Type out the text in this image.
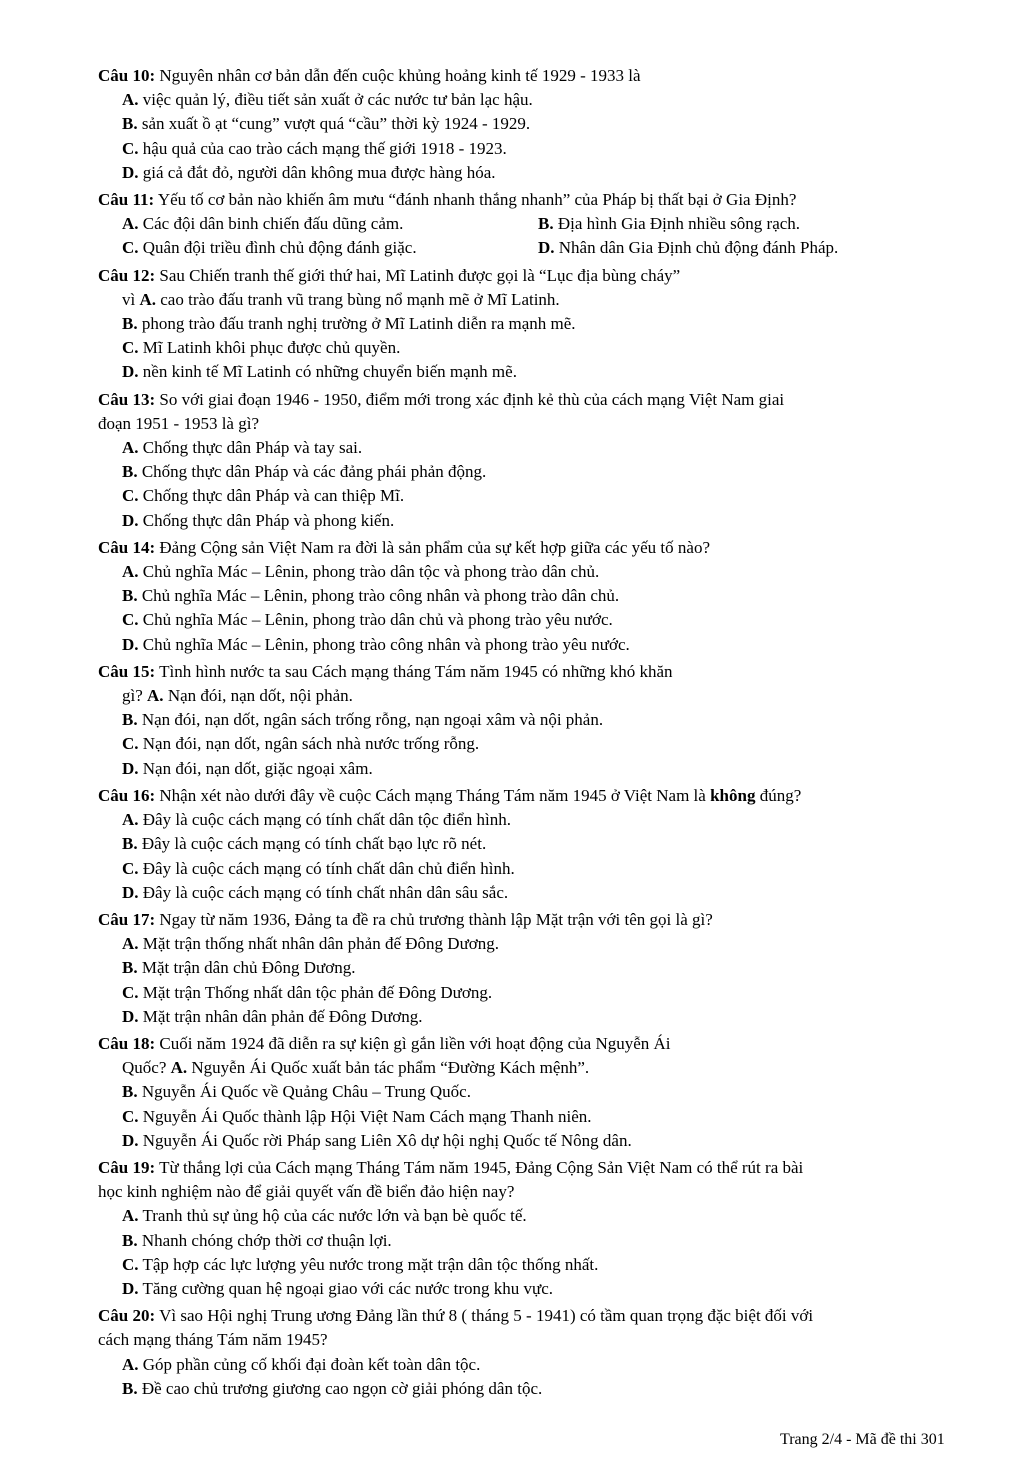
Câu 10: Nguyên nhân cơ bản dẫn đến cuộc khủng hoảng kinh tế 1929 - 1933 là
A. việc quản lý, điều tiết sản xuất ở các nước tư bản lạc hậu.
B. sản xuất ồ ạt “cung” vượt quá “cầu” thời kỳ 1924 - 1929.
C. hậu quả của cao trào cách mạng thế giới 1918 - 1923.
D. giá cả đắt đỏ, người dân không mua được hàng hóa.
Câu 11: Yếu tố cơ bản nào khiến âm mưu “đánh nhanh thắng nhanh” của Pháp bị thất bại ở Gia Định?
A. Các đội dân binh chiến đấu dũng cảm.	B. Địa hình Gia Định nhiều sông rạch.
C. Quân đội triều đình chủ động đánh giặc.	D. Nhân dân Gia Định chủ động đánh Pháp.
Câu 12: Sau Chiến tranh thế giới thứ hai, Mĩ Latinh được gọi là “Lục địa bùng cháy”
vì A. cao trào đấu tranh vũ trang bùng nổ mạnh mẽ ở Mĩ Latinh.
B. phong trào đấu tranh nghị trường ở Mĩ Latinh diễn ra mạnh mẽ.
C. Mĩ Latinh khôi phục được chủ quyền.
D. nền kinh tế Mĩ Latinh có những chuyển biến mạnh mẽ.
Câu 13: So với giai đoạn 1946 - 1950, điểm mới trong xác định kẻ thù của cách mạng Việt Nam giai
đoạn 1951 - 1953 là gì?
A. Chống thực dân Pháp và tay sai.
B. Chống thực dân Pháp và các đảng phái phản động.
C. Chống thực dân Pháp và can thiệp Mĩ.
D. Chống thực dân Pháp và phong kiến.
Câu 14: Đảng Cộng sản Việt Nam ra đời là sản phẩm của sự kết hợp giữa các yếu tố nào?
A. Chủ nghĩa Mác – Lênin, phong trào dân tộc và phong trào dân chủ.
B. Chủ nghĩa Mác – Lênin, phong trào công nhân và phong trào dân chủ.
C. Chủ nghĩa Mác – Lênin, phong trào dân chủ và phong trào yêu nước.
D. Chủ nghĩa Mác – Lênin, phong trào công nhân và phong trào yêu nước.
Câu 15: Tình hình nước ta sau Cách mạng tháng Tám năm 1945 có những khó khăn
gì? A. Nạn đói, nạn dốt, nội phản.
B. Nạn đói, nạn dốt, ngân sách trống rỗng, nạn ngoại xâm và nội phản.
C. Nạn đói, nạn dốt, ngân sách nhà nước trống rỗng.
D. Nạn đói, nạn dốt, giặc ngoại xâm.
Câu 16: Nhận xét nào dưới đây về cuộc Cách mạng Tháng Tám năm 1945 ở Việt Nam là không đúng?
A. Đây là cuộc cách mạng có tính chất dân tộc điển hình.
B. Đây là cuộc cách mạng có tính chất bạo lực rõ nét.
C. Đây là cuộc cách mạng có tính chất dân chủ điển hình.
D. Đây là cuộc cách mạng có tính chất nhân dân sâu sắc.
Câu 17: Ngay từ năm 1936, Đảng ta đề ra chủ trương thành lập Mặt trận với tên gọi là gì?
A. Mặt trận thống nhất nhân dân phản đế Đông Dương.
B. Mặt trận dân chủ Đông Dương.
C. Mặt trận Thống nhất dân tộc phản đế Đông Dương.
D. Mặt trận nhân dân phản đế Đông Dương.
Câu 18: Cuối năm 1924 đã diễn ra sự kiện gì gắn liền với hoạt động của Nguyễn Ái
Quốc? A. Nguyễn Ái Quốc xuất bản tác phẩm “Đường Kách mệnh”.
B. Nguyễn Ái Quốc về Quảng Châu – Trung Quốc.
C. Nguyễn Ái Quốc thành lập Hội Việt Nam Cách mạng Thanh niên.
D. Nguyễn Ái Quốc rời Pháp sang Liên Xô dự hội nghị Quốc tế Nông dân.
Câu 19: Từ thắng lợi của Cách mạng Tháng Tám năm 1945, Đảng Cộng Sản Việt Nam có thể rút ra bài
học kinh nghiệm nào để giải quyết vấn đề biển đảo hiện nay?
A. Tranh thủ sự ủng hộ của các nước lớn và bạn bè quốc tế.
B. Nhanh chóng chớp thời cơ thuận lợi.
C. Tập hợp các lực lượng yêu nước trong mặt trận dân tộc thống nhất.
D. Tăng cường quan hệ ngoại giao với các nước trong khu vực.
Câu 20: Vì sao Hội nghị Trung ương Đảng lần thứ 8 ( tháng 5 - 1941) có tầm quan trọng đặc biệt đối với
cách mạng tháng Tám năm 1945?
A. Góp phần củng cố khối đại đoàn kết toàn dân tộc.
B. Đề cao chủ trương giương cao ngọn cờ giải phóng dân tộc.
Trang 2/4 - Mã đề thi 301
